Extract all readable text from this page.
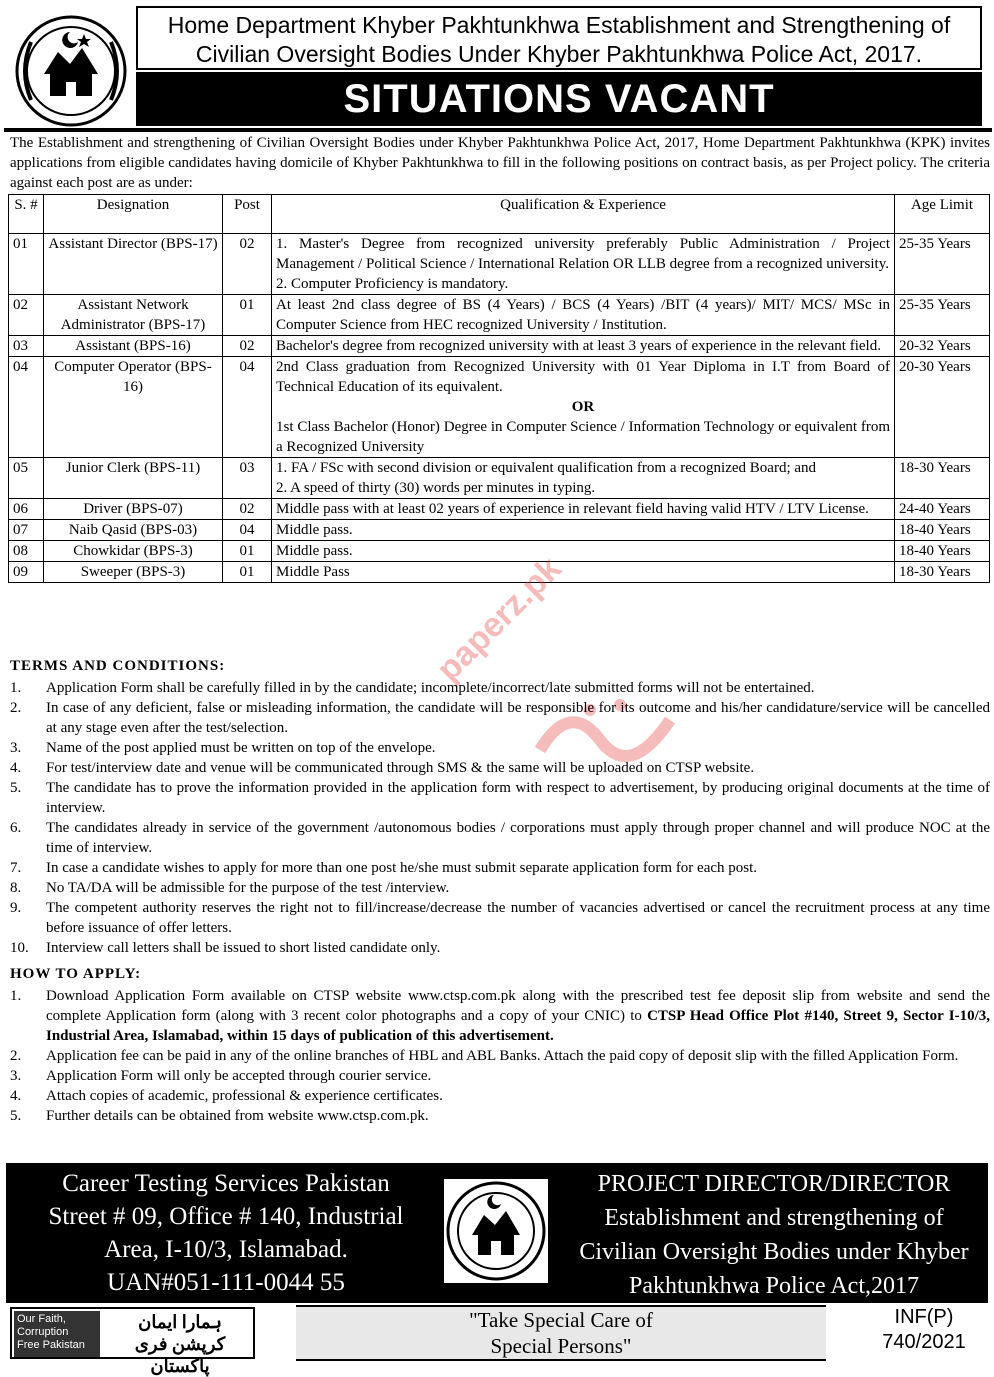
Home Department Khyber Pakhtunkhwa Establishment and Strengthening of
Civilian Oversight Bodies Under Khyber Pakhtunkhwa Police Act, 2017.
SITUATIONS VACANT
The Establishment and strengthening of Civilian Oversight Bodies under Khyber Pakhtunkhwa Police Act, 2017, Home Department Pakhtunkhwa (KPK) invites applications from eligible candidates having domicile of Khyber Pakhtunkhwa to fill in the following positions on contract basis, as per Project policy. The criteria against each post are as under:
S. #	Designation	Post	Qualification & Experience	Age Limit
01	Assistant Director (BPS-17)	02	1. Master's Degree from recognized university preferably Public Administration / Project Management / Political Science / International Relation OR LLB degree from a recognized university.
2. Computer Proficiency is mandatory.	25-35 Years
02	Assistant Network Administrator (BPS-17)	01	At least 2nd class degree of BS (4 Years) / BCS (4 Years) /BIT (4 years)/ MIT/ MCS/ MSc in Computer Science from HEC recognized University / Institution.	25-35 Years
03	Assistant (BPS-16)	02	Bachelor's degree from recognized university with at least 3 years of experience in the relevant field.	20-32 Years
04	Computer Operator (BPS-16)	04	2nd Class graduation from Recognized University with 01 Year Diploma in I.T from Board of Technical Education of its equivalent.
OR
1st Class Bachelor (Honor) Degree in Computer Science / Information Technology or equivalent from a Recognized University	20-30 Years
05	Junior Clerk (BPS-11)	03	1. FA / FSc with second division or equivalent qualification from a recognized Board; and
2. A speed of thirty (30) words per minutes in typing.	18-30 Years
06	Driver (BPS-07)	02	Middle pass with at least 02 years of experience in relevant field having valid HTV / LTV License.	24-40 Years
07	Naib Qasid (BPS-03)	04	Middle pass.	18-40 Years
08	Chowkidar (BPS-3)	01	Middle pass.	18-40 Years
09	Sweeper (BPS-3)	01	Middle Pass	18-30 Years
paperz.pk
TERMS AND CONDITIONS:
1.	Application Form shall be carefully filled in by the candidate; incomplete/incorrect/late submitted forms will not be entertained.
2.	In case of any deficient, false or misleading information, the candidate will be responsible for its outcome and his/her candidature/service will be cancelled at any stage even after the test/selection.
3.	Name of the post applied must be written on top of the envelope.
4.	For test/interview date and venue will be communicated through SMS & the same will be uploaded on CTSP website.
5.	The candidate has to prove the information provided in the application form with respect to advertisement, by producing original documents at the time of interview.
6.	The candidates already in service of the government /autonomous bodies / corporations must apply through proper channel and will produce NOC at the time of interview.
7.	In case a candidate wishes to apply for more than one post he/she must submit separate application form for each post.
8.	No TA/DA will be admissible for the purpose of the test /interview.
9.	The competent authority reserves the right not to fill/increase/decrease the number of vacancies advertised or cancel the recruitment process at any time before issuance of offer letters.
10.	Interview call letters shall be issued to short listed candidate only.
HOW TO APPLY:
1.	Download Application Form available on CTSP website www.ctsp.com.pk along with the prescribed test fee deposit slip from website and send the complete Application form (along with 3 recent color photographs and a copy of your CNIC) to CTSP Head Office Plot #140, Street 9, Sector I-10/3, Industrial Area, Islamabad, within 15 days of publication of this advertisement.
2.	Application fee can be paid in any of the online branches of HBL and ABL Banks. Attach the paid copy of deposit slip with the filled Application Form.
3.	Application Form will only be accepted through courier service.
4.	Attach copies of academic, professional & experience certificates.
5.	Further details can be obtained from website www.ctsp.com.pk.
Career Testing Services Pakistan
Street # 09, Office # 140, Industrial
Area, I-10/3, Islamabad.
UAN#051-111-0044 55
PROJECT DIRECTOR/DIRECTOR
Establishment and strengthening of
Civilian Oversight Bodies under Khyber
Pakhtunkhwa Police Act,2017
Our Faith,
Corruption
Free Pakistan
ہمارا ایمان
کرپشن فری پاکستان
"Take Special Care of
Special Persons"
INF(P)
740/2021
